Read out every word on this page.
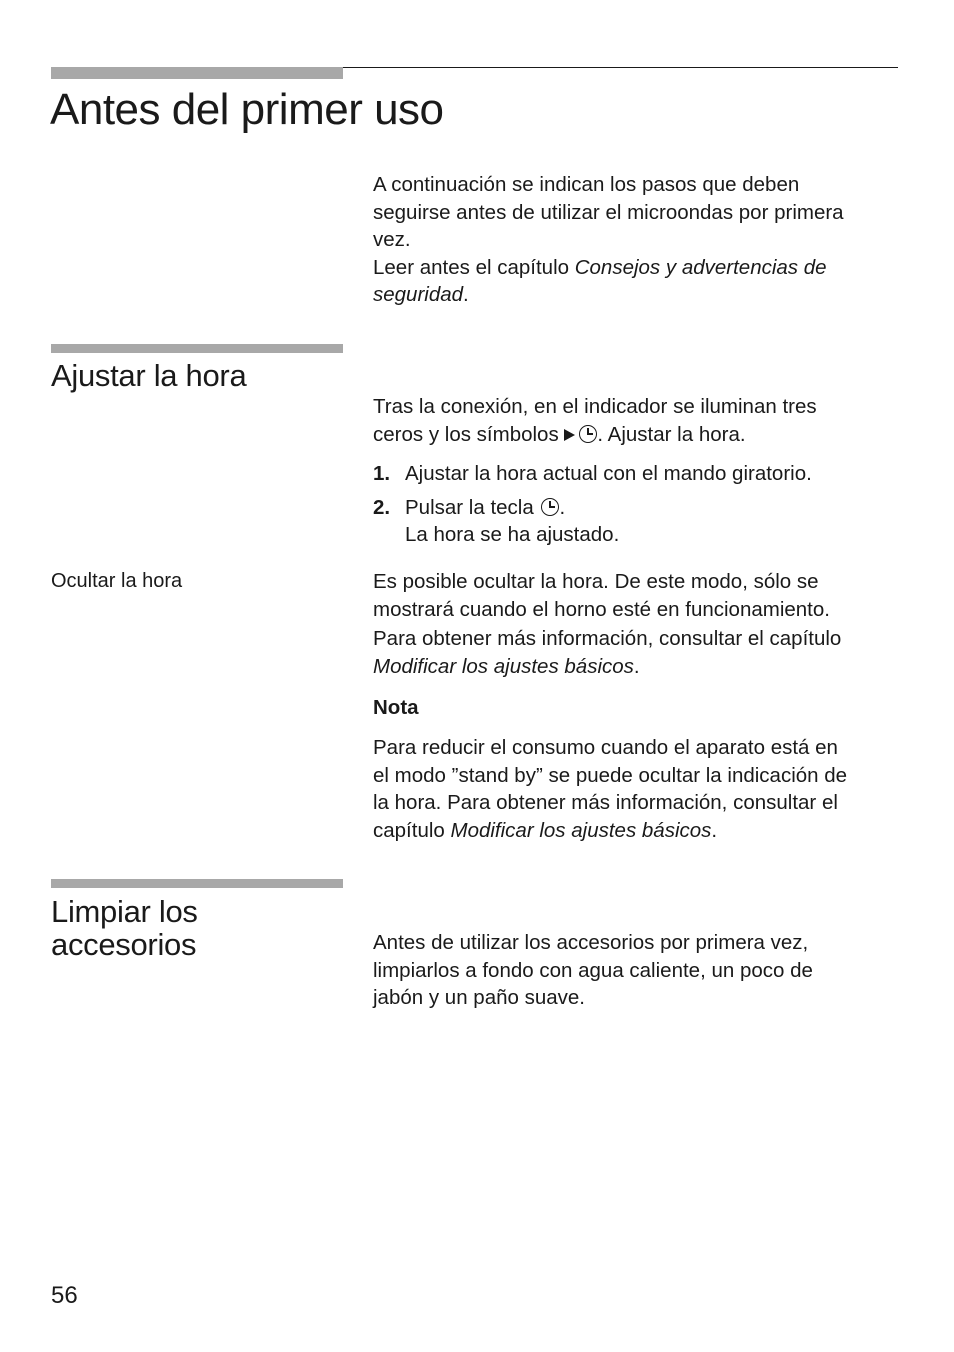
Antes del primer uso

A continuación se indican los pasos que deben

seguirse antes de utilizar el microondas por primera

vez.

Leer antes el capítulo Consejos y advertencias de

seguridad.

Ajustar la hora

Tras la conexión, en el indicador se iluminan tres

ceros y los símbolos . Ajustar la hora.

1. Ajustar la hora actual con el mando giratorio.
2. Pulsar la tecla .
La hora se ha ajustado.
Ocultar la hora	Es posible ocultar la hora. De este modo, sólo se

mostrará cuando el horno esté en funcionamiento.

Para obtener más información, consultar el capítulo

Modificar los ajustes básicos.

Nota

Para reducir el consumo cuando el aparato está en

el modo ”stand by” se puede ocultar la indicación de

la hora. Para obtener más información, consultar el

capítulo Modificar los ajustes básicos.

Limpiar los
accesorios	Antes de utilizar los accesorios por primera vez,

limpiarlos a fondo con agua caliente, un poco de

jabón y un paño suave.

56
